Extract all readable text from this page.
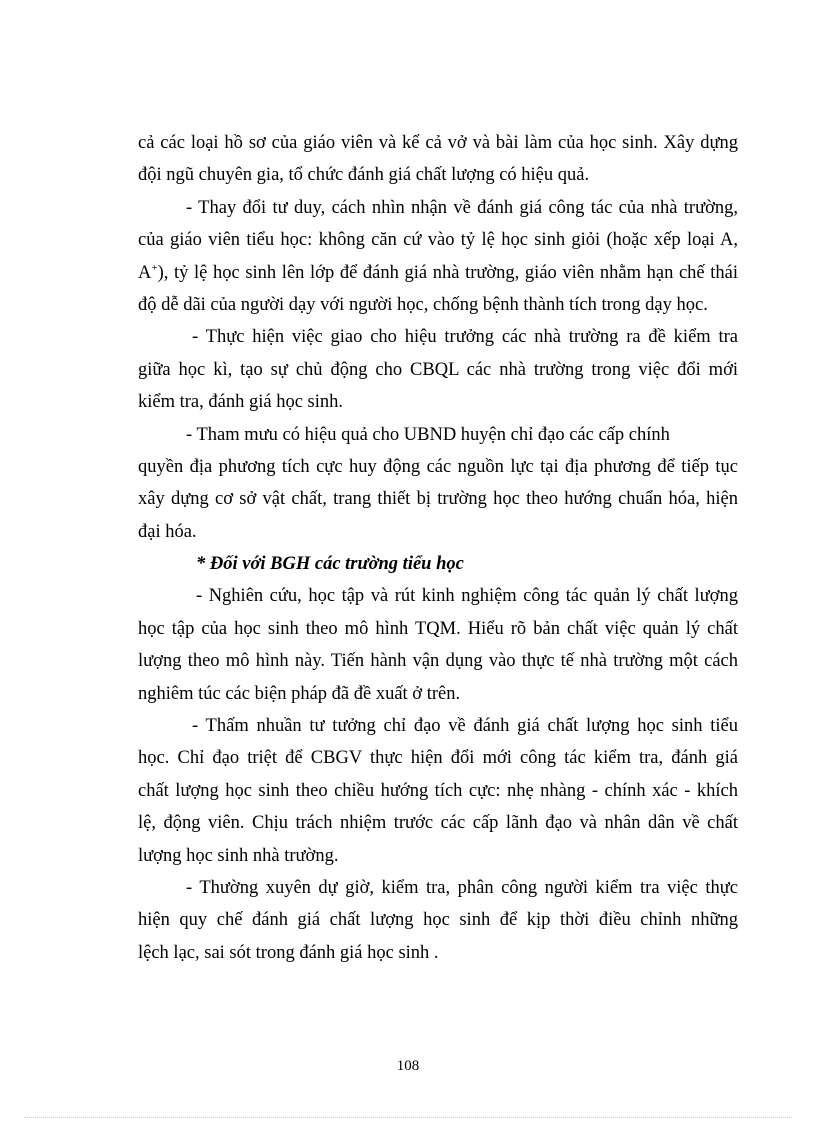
cả các loại hồ sơ của giáo viên và kể cả vở và bài làm của học sinh. Xây dựng
đội ngũ chuyên gia, tổ chức đánh giá chất lượng có hiệu quả.
- Thay đổi tư duy, cách nhìn nhận về đánh giá công tác của nhà trường,
của giáo viên tiểu học: không căn cứ vào tỷ lệ học sinh giỏi (hoặc xếp loại A,
A+), tỷ lệ học sinh lên lớp để đánh giá nhà trường, giáo viên nhằm hạn chế thái
độ dễ dãi của người dạy với người học, chống bệnh thành tích trong dạy học.
- Thực hiện việc giao cho hiệu trưởng các nhà trường ra đề kiểm tra
giữa học kì, tạo sự chủ động cho CBQL các nhà trường trong việc đổi mới
kiểm tra, đánh giá học sinh.
- Tham mưu có hiệu quả cho UBND huyện chỉ đạo các cấp chính
quyền địa phương tích cực huy động các nguồn lực tại địa phương để tiếp tục
xây dựng cơ sở vật chất, trang thiết bị trường học theo hướng chuẩn hóa, hiện
đại hóa.
* Đối với BGH các trường tiểu học
- Nghiên cứu, học tập và rút kinh nghiệm công tác quản lý chất lượng
học tập của học sinh theo mô hình TQM. Hiểu rõ bản chất việc quản lý chất
lượng theo mô hình này. Tiến hành vận dụng vào thực tế nhà trường một cách
nghiêm túc các biện pháp đã đề xuất ở trên.
- Thấm nhuần tư tưởng chỉ đạo về đánh giá chất lượng học sinh tiểu
học. Chỉ đạo triệt để CBGV thực hiện đổi mới công tác kiểm tra, đánh giá
chất lượng học sinh theo chiều hướng tích cực: nhẹ nhàng - chính xác - khích
lệ, động viên. Chịu trách nhiệm trước các cấp lãnh đạo và nhân dân về chất
lượng học sinh nhà trường.
- Thường xuyên dự giờ, kiểm tra, phân công người kiểm tra việc thực
hiện quy chế đánh giá chất lượng học sinh để kịp thời điều chỉnh những
lệch lạc, sai sót trong đánh giá học sinh .
108
